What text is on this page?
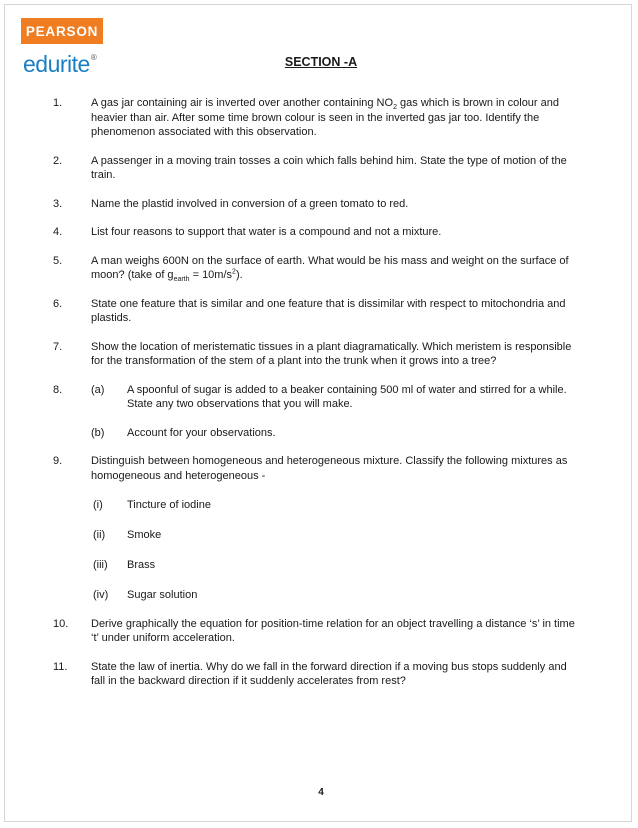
PEARSON
edurite®	SECTION -A
1.	A gas jar containing air is inverted over another containing $NO_2$ gas which is brown in colour and heavier than air. After some time brown colour is seen in the inverted gas jar too. Identify the phenomenon associated with this observation.
2.	A passenger in a moving train tosses a coin which falls behind him. State the type of motion of the train.
3.	Name the plastid involved in conversion of a green tomato to red.
4.	List four reasons to support that water is a compound and not a mixture.
5.	A man weighs 600N on the surface of earth. What would be his mass and weight on the surface of moon? (take of $g_{earth} = 10m/s^2$).
6.	State one feature that is similar and one feature that is dissimilar with respect to mitochondria and plastids.
7.	Show the location of meristematic tissues in a plant diagramatically. Which meristem is responsible for the transformation of the stem of a plant into the trunk when it grows into a tree?
8.	(a) A spoonful of sugar is added to a beaker containing 500 ml of water and stirred for a while. State any two observations that you will make.
(b) Account for your observations.
9.	Distinguish between homogeneous and heterogeneous mixture. Classify the following mixtures as homogeneous and heterogeneous -
(i) Tincture of iodine
(ii) Smoke
(iii) Brass
(iv) Sugar solution
10. Derive graphically the equation for position-time relation for an object travelling a distance ‘s’ in time ‘t’ under uniform acceleration.
11. State the law of inertia. Why do we fall in the forward direction if a moving bus stops suddenly and fall in the backward direction if it suddenly accelerates from rest?
4
